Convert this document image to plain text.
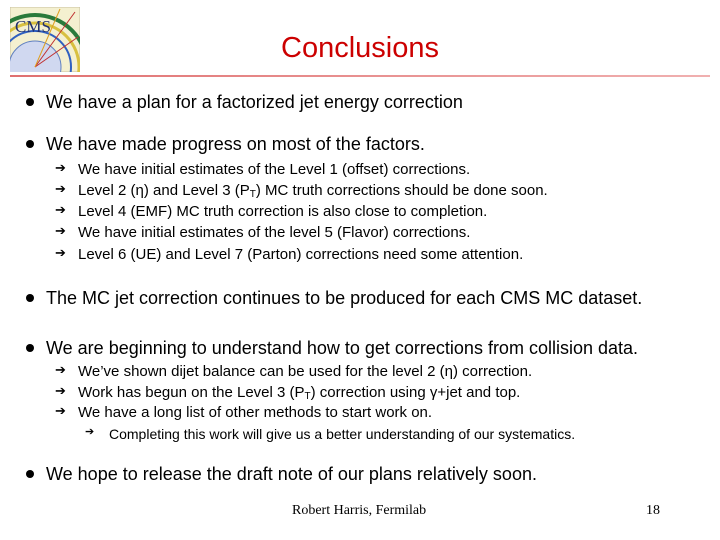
CMS
Conclusions
We have a plan for a factorized jet energy correction
We have made progress on most of the factors.
➔ We have initial estimates of the Level 1 (offset) corrections.
➔ Level 2 (η) and Level 3 $(P_T)$ MC truth corrections should be done soon.
➔ Level 4 (EMF) MC truth correction is also close to completion.
➔ We have initial estimates of the level 5 (Flavor) corrections.
➔ Level 6 (UE) and Level 7 (Parton) corrections need some attention.
The MC jet correction continues to be produced for each CMS MC dataset.
We are beginning to understand how to get corrections from collision data.
➔ We’ve shown dijet balance can be used for the level 2 (η) correction.
➔ Work has begun on the Level 3 $(P_T)$ correction using γ+jet and top.
➔ We have a long list of other methods to start work on.
➔ Completing this work will give us a better understanding of our systematics.
We hope to release the draft note of our plans relatively soon.
Robert Harris, Fermilab	18
